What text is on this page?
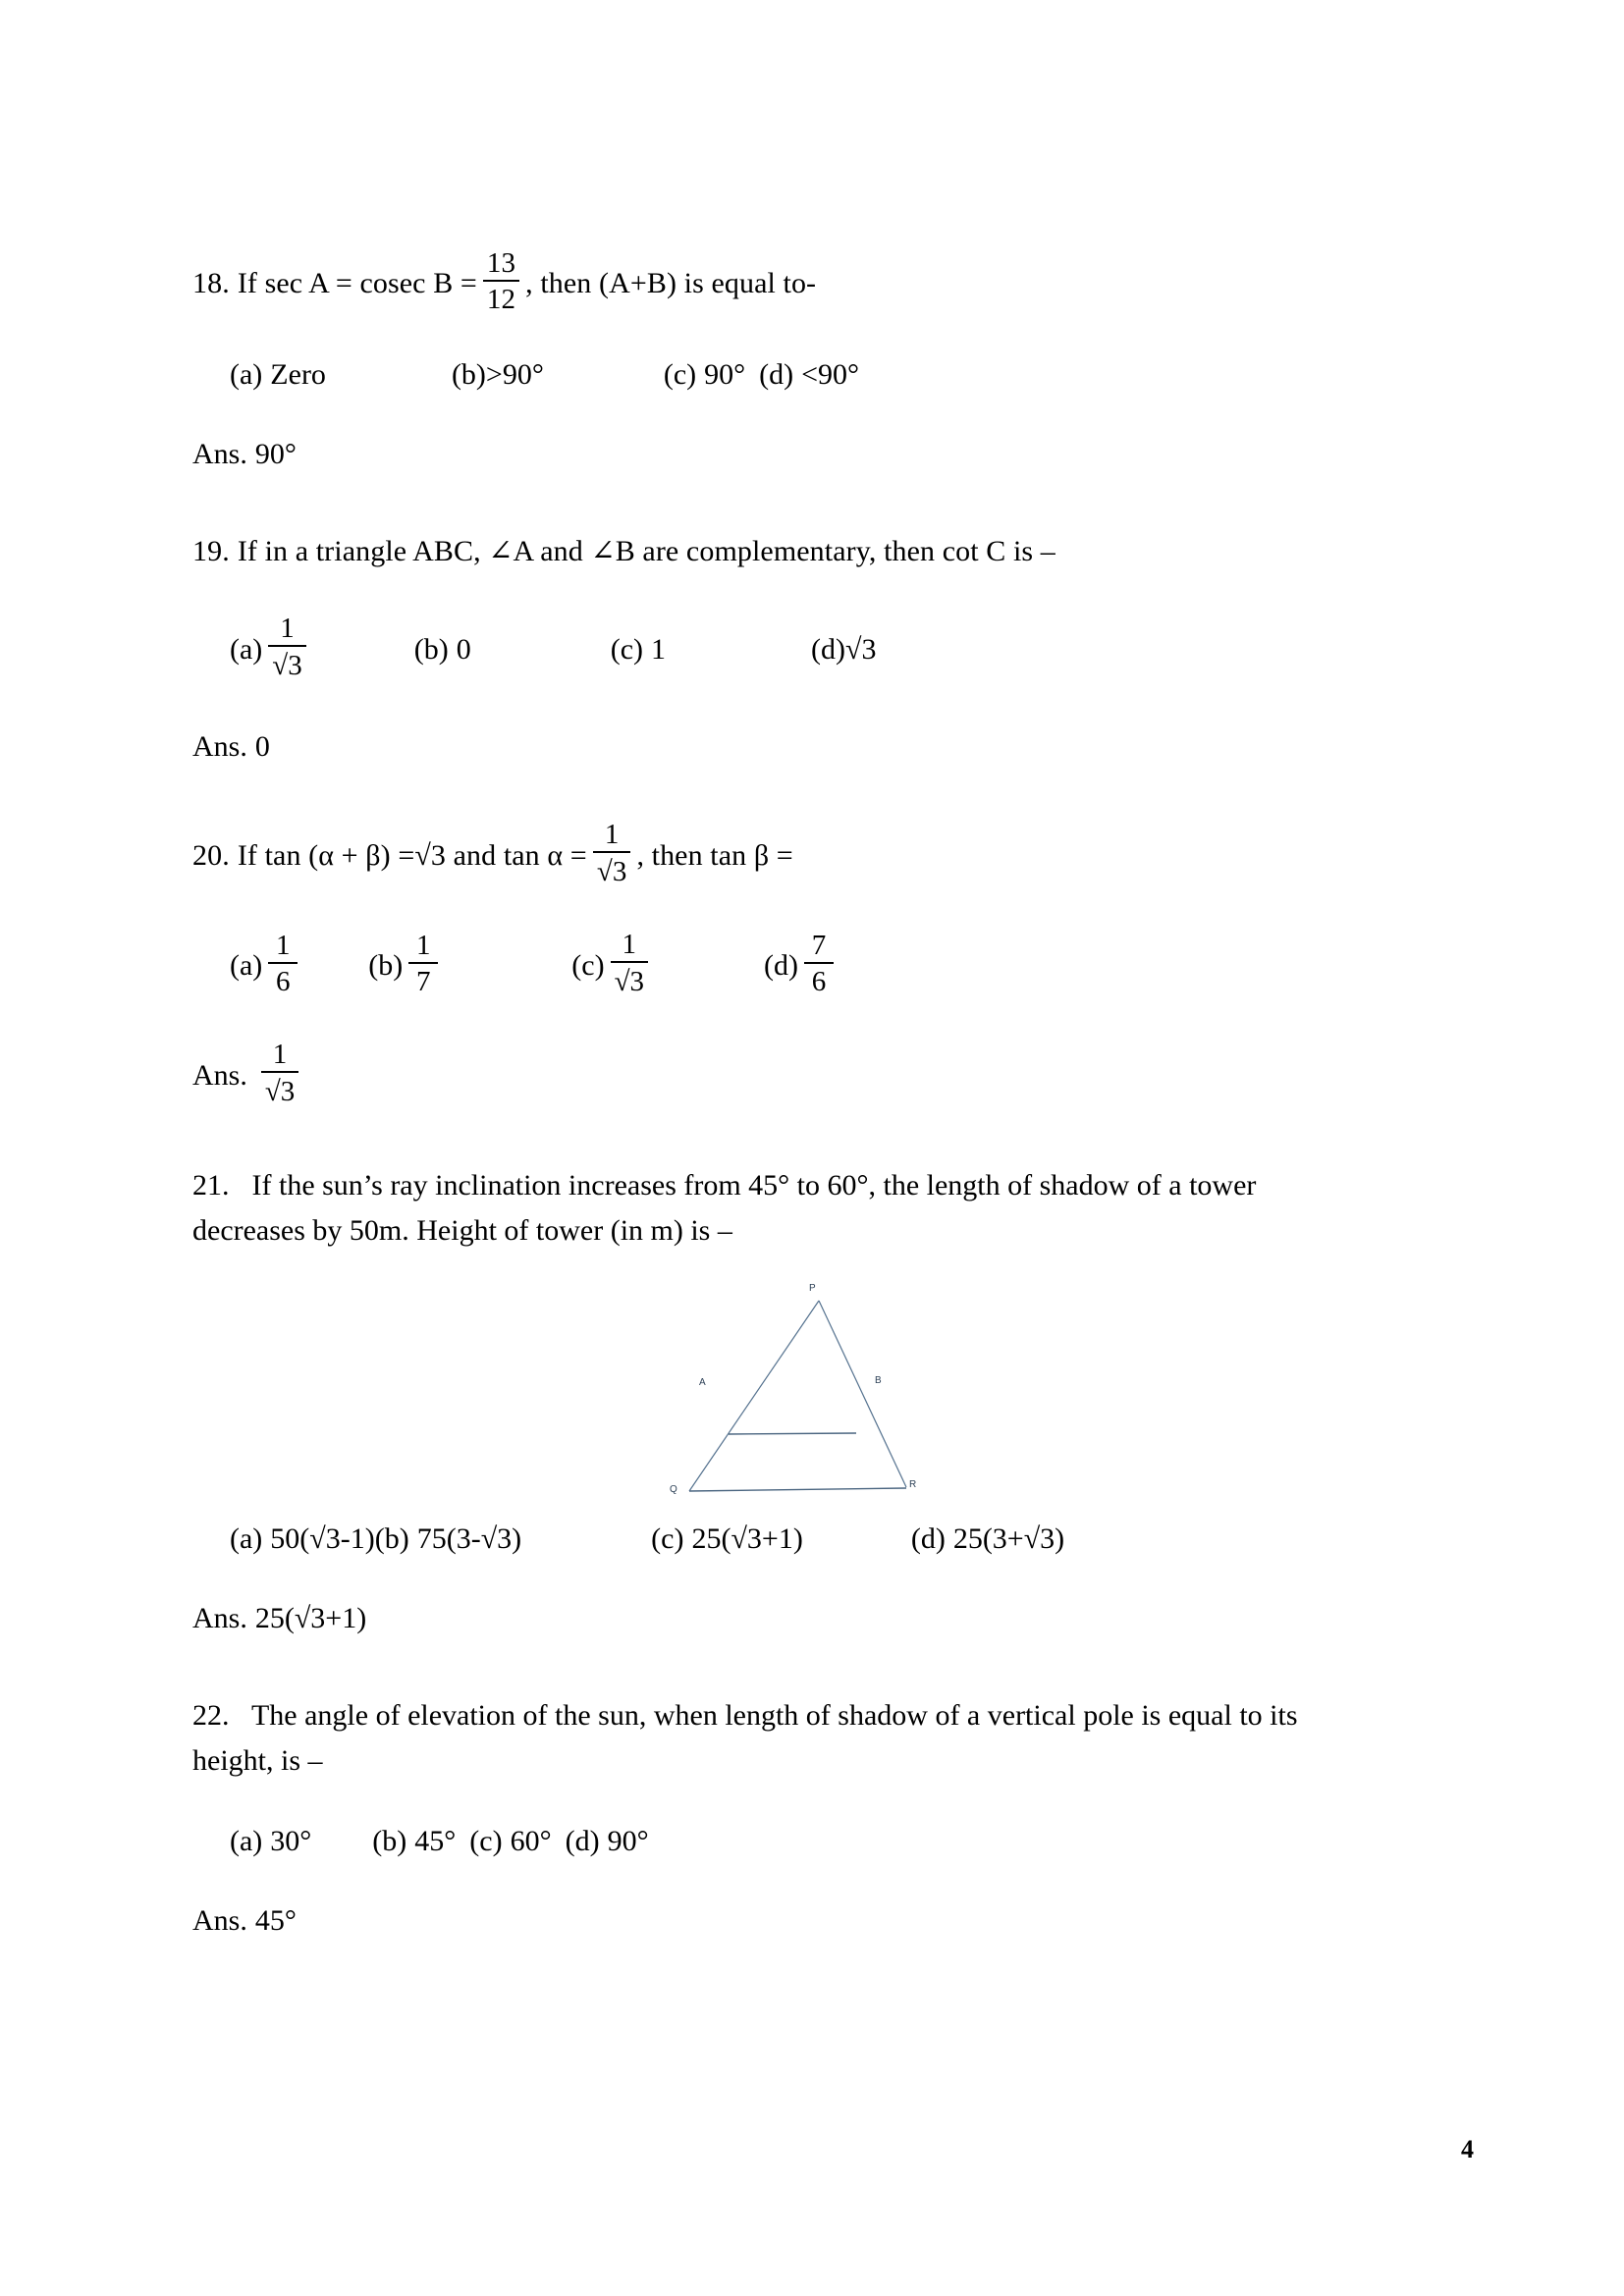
18. If sec A = cosec $B = \frac{13}{12}$ , then (A+B) is equal to-
(a) Zero	(b) >90°	(c) 90° (d) <90°
Ans. 90°
19. If in a triangle ABC, ∠A and ∠B are complementary, then cot C is –
$(a) \frac{1}{√3}$	(b) 0	(c) 1	(d) √3
Ans. 0
20. If tan (α + β) =√3 and $\tan \alpha = \frac{1}{√3}$ , then tan β =
$(a) \frac{1}{6} (b) \frac{1}{7}$	$(c) \frac{1}{√3}$	$(d) \frac{7}{6}$
Ans. $\frac{1}{√3}$
21. If the sun’s ray inclination increases from 45° to 60°, the length of shadow of a tower
decreases by 50m. Height of tower (in m) is –
P
A	B
Q	R
(a) 50(√3-1) (b) 75(3-√3)	(c) 25(√3+1)	(d) 25(3+√3)
Ans. 25(√3+1)
22. The angle of elevation of the sun, when length of shadow of a vertical pole is equal to its
height, is –
(a) 30° (b) 45° (c) 60° (d) 90°
Ans. 45°
4
